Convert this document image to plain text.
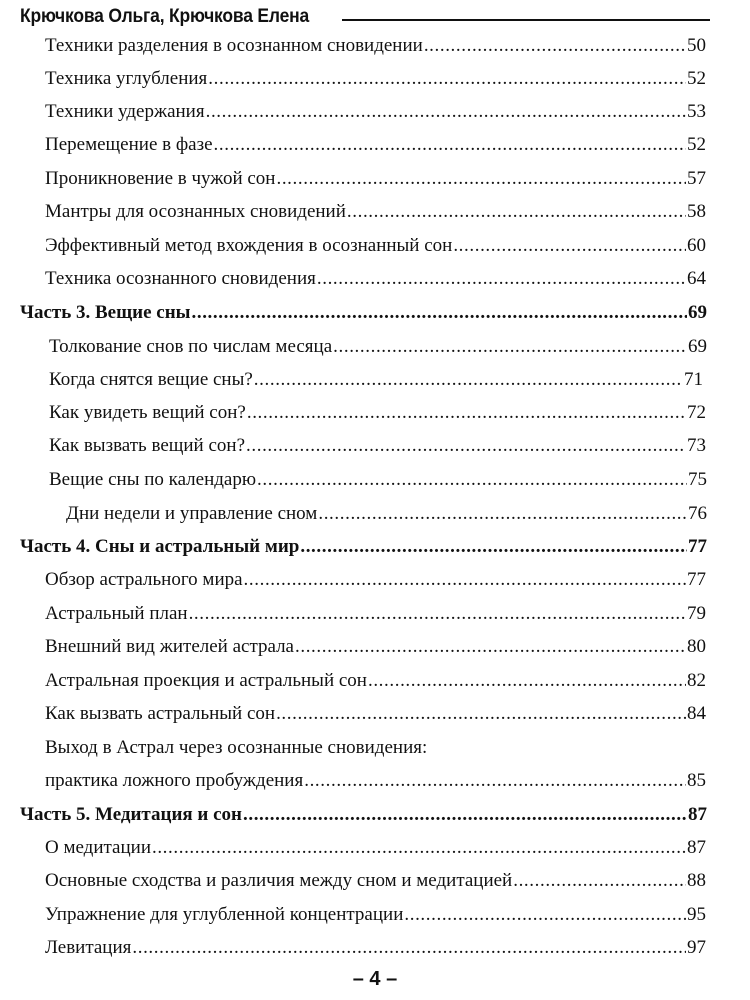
Крючкова Ольга, Крючкова Елена
Техники разделения в осознанном сновидении .....	50
Техника углубления .....	52
Техники удержания .....	53
Перемещение в фазе .....	52
Проникновение в чужой сон .....	57
Мантры для осознанных сновидений .....	58
Эффективный метод вхождения в осознанный сон .....	60
Техника осознанного сновидения .....	64
Часть 3. Вещие сны .....	69
Толкование снов по числам месяца .....	69
Когда снятся вещие сны? .....	71
Как увидеть вещий сон? .....	72
Как вызвать вещий сон? .....	73
Вещие сны по календарю .....	75
Дни недели и управление сном .....	76
Часть 4. Сны и астральный мир .....	77
Обзор астрального мира .....	77
Астральный план .....	79
Внешний вид жителей астрала .....	80
Астральная проекция и астральный сон .....	82
Как вызвать астральный сон .....	84
Выход в Астрал через осознанные сновидения:
практика ложного пробуждения .....	85
Часть 5. Медитация и сон .....	87
О медитации .....	87
Основные сходства и различия между сном и медитацией .....	88
Упражнение для углубленной концентрации .....	95
Левитация .....	97
– 4 –
